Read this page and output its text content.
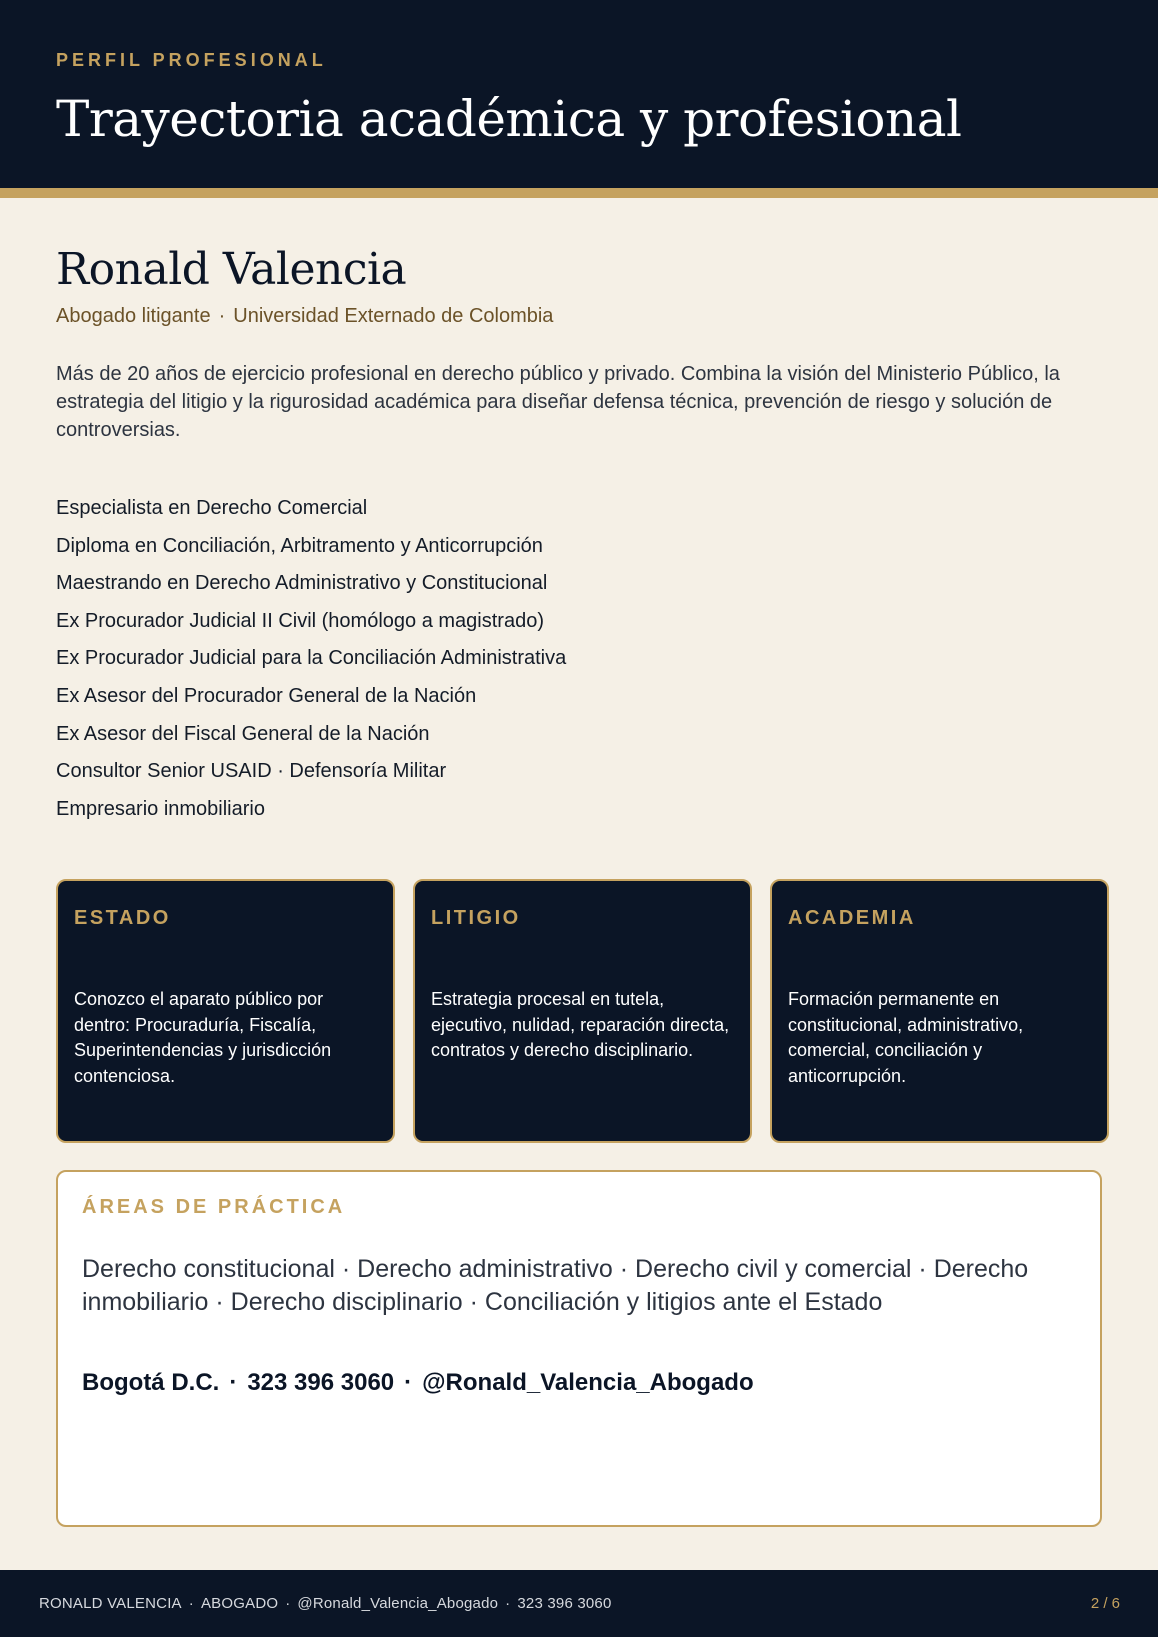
PERFIL PROFESIONAL
Trayectoria académica y profesional
Ronald Valencia
Abogado litigante · Universidad Externado de Colombia

Más de 20 años de ejercicio profesional en derecho público y privado. Combina la visión del Ministerio Público, la estrategia del litigio y la rigurosidad académica para diseñar defensa técnica, prevención de riesgo y solución de controversias.

Especialista en Derecho Comercial
Diploma en Conciliación, Arbitramento y Anticorrupción
Maestrando en Derecho Administrativo y Constitucional
Ex Procurador Judicial II Civil (homólogo a magistrado)
Ex Procurador Judicial para la Conciliación Administrativa
Ex Asesor del Procurador General de la Nación
Ex Asesor del Fiscal General de la Nación
Consultor Senior USAID · Defensoría Militar
Empresario inmobiliario
ESTADO

Conozco el aparato público por dentro: Procuraduría, Fiscalía, Superintendencias y jurisdicción contenciosa.

LITIGIO

Estrategia procesal en tutela, ejecutivo, nulidad, reparación directa, contratos y derecho disciplinario.

ACADEMIA

Formación permanente en constitucional, administrativo, comercial, conciliación y anticorrupción.

ÁREAS DE PRÁCTICA

Derecho constitucional · Derecho administrativo · Derecho civil y comercial · Derecho inmobiliario · Derecho disciplinario · Conciliación y litigios ante el Estado

Bogotá D.C. · 323 396 3060 · @Ronald_Valencia_Abogado
RONALD VALENCIA · ABOGADO · @Ronald_Valencia_Abogado · 323 396 3060	2 / 6
